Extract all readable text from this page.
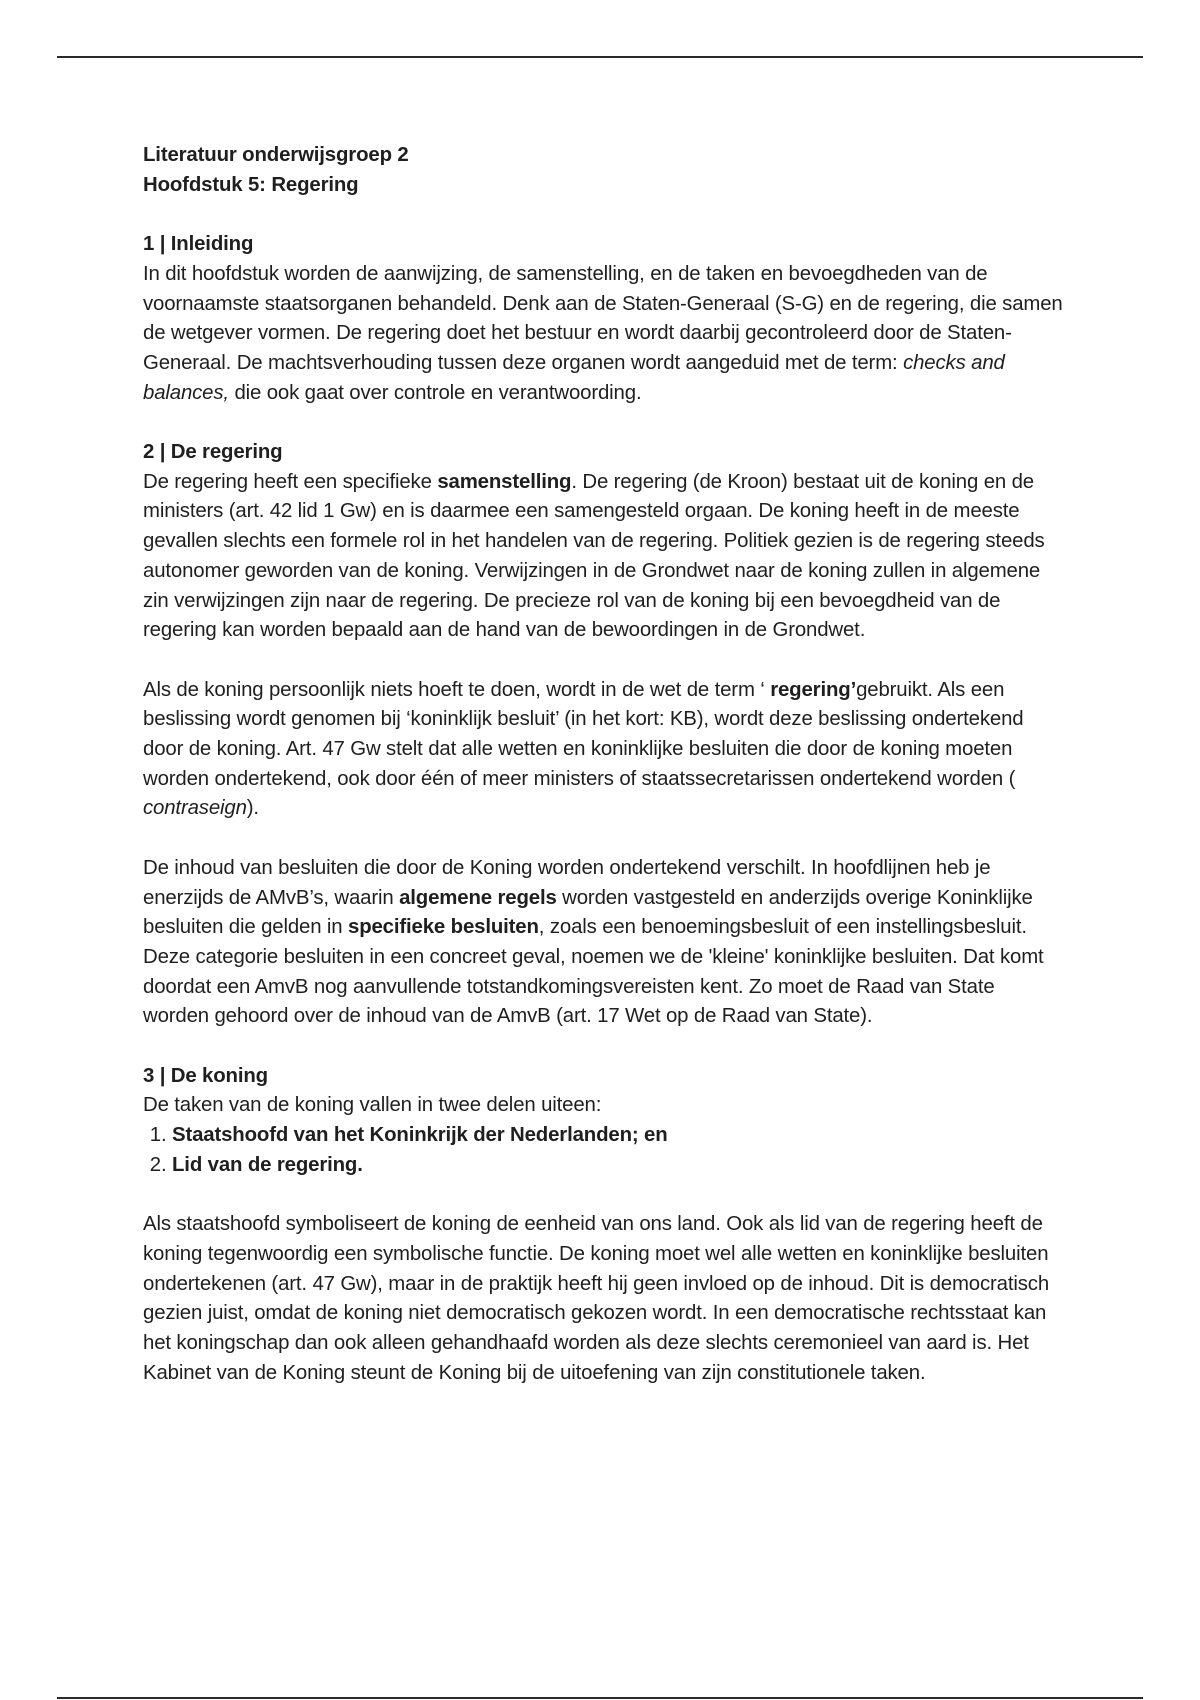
Literatuur onderwijsgroep 2

Hoofdstuk 5: Regering

1 | Inleiding

In dit hoofdstuk worden de aanwijzing, de samenstelling, en de taken en bevoegdheden van de voornaamste staatsorganen behandeld. Denk aan de Staten-Generaal (S-G) en de regering, die samen de wetgever vormen. De regering doet het bestuur en wordt daarbij gecontroleerd door de Staten-Generaal. De machtsverhouding tussen deze organen wordt aangeduid met de term: checks and balances, die ook gaat over controle en verantwoording.

2 | De regering

De regering heeft een specifieke samenstelling. De regering (de Kroon) bestaat uit de koning en de ministers (art. 42 lid 1 Gw) en is daarmee een samengesteld orgaan. De koning heeft in de meeste gevallen slechts een formele rol in het handelen van de regering. Politiek gezien is de regering steeds autonomer geworden van de koning. Verwijzingen in de Grondwet naar de koning zullen in algemene zin verwijzingen zijn naar de regering. De precieze rol van de koning bij een bevoegdheid van de regering kan worden bepaald aan de hand van de bewoordingen in de Grondwet.

Als de koning persoonlijk niets hoeft te doen, wordt in de wet de term ‘ regering’gebruikt. Als een beslissing wordt genomen bij ‘koninklijk besluit’ (in het kort: KB), wordt deze beslissing ondertekend door de koning. Art. 47 Gw stelt dat alle wetten en koninklijke besluiten die door de koning moeten worden ondertekend, ook door één of meer ministers of staatssecretarissen ondertekend worden ( contraseign).

De inhoud van besluiten die door de Koning worden ondertekend verschilt. In hoofdlijnen heb je enerzijds de AMvB’s, waarin algemene regels worden vastgesteld en anderzijds overige Koninklijke besluiten die gelden in specifieke besluiten, zoals een benoemingsbesluit of een instellingsbesluit. Deze categorie besluiten in een concreet geval, noemen we de 'kleine' koninklijke besluiten. Dat komt doordat een AmvB nog aanvullende totstandkomingsvereisten kent. Zo moet de Raad van State worden gehoord over de inhoud van de AmvB (art. 17 Wet op de Raad van State).

3 | De koning

De taken van de koning vallen in twee delen uiteen:

1. Staatshoofd van het Koninkrijk der Nederlanden; en
2. Lid van de regering.

Als staatshoofd symboliseert de koning de eenheid van ons land. Ook als lid van de regering heeft de koning tegenwoordig een symbolische functie. De koning moet wel alle wetten en koninklijke besluiten ondertekenen (art. 47 Gw), maar in de praktijk heeft hij geen invloed op de inhoud. Dit is democratisch gezien juist, omdat de koning niet democratisch gekozen wordt. In een democratische rechtsstaat kan het koningschap dan ook alleen gehandhaafd worden als deze slechts ceremonieel van aard is. Het Kabinet van de Koning steunt de Koning bij de uitoefening van zijn constitutionele taken.
